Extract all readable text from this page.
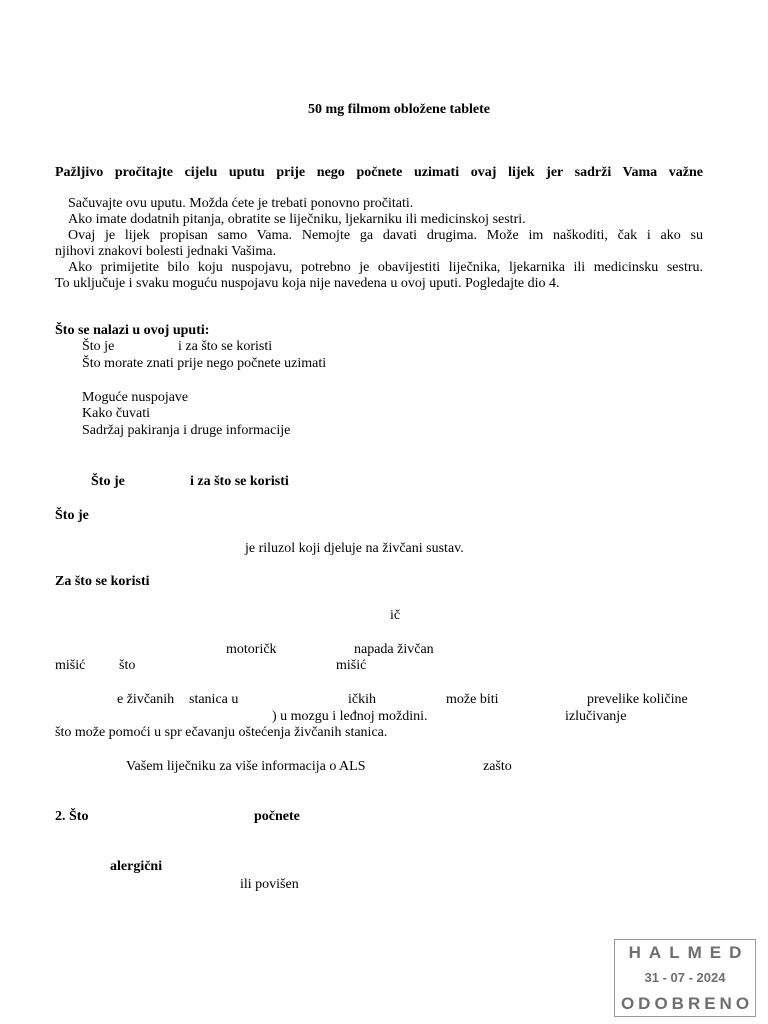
50 mg filmom obložene tablete
Pažljivo pročitajte cijelu uputu prije nego počnete uzimati ovaj lijek jer sadrži Vama važne
Sačuvajte ovu uputu. Možda ćete je trebati ponovno pročitati.
Ako imate dodatnih pitanja, obratite se liječniku, ljekarniku ili medicinskoj sestri.
Ovaj je lijek propisan samo Vama. Nemojte ga davati drugima. Može im naškoditi, čak i ako su
njihovi znakovi bolesti jednaki Vašima.
Ako primijetite bilo koju nuspojavu, potrebno je obavijestiti liječnika, ljekarnika ili medicinsku sestru.
To uključuje i svaku moguću nuspojavu koja nije navedena u ovoj uputi. Pogledajte dio 4.
Što se nalazi u ovoj uputi:
Što je	i za što se koristi
Što morate znati prije nego počnete uzimati
Moguće nuspojave
Kako čuvati
Sadržaj pakiranja i druge informacije
Što je	i za što se koristi
Što je
je riluzol koji djeluje na živčani sustav.
Za što se koristi
ič
motoričk	napada živčan
mišić što	mišić
e živčanih stanica u	ičkih	može biti	prevelike količine
) u mozgu i leđnoj moždini.	izlučivanje
što može pomoći u spr ečavanju oštećenja živčanih stanica.
Vašem liječniku za više informacija o ALS	zašto
2. Što	počnete
alergični
ili povišen
HALMED
31 - 07 - 2024
ODOBRENO
